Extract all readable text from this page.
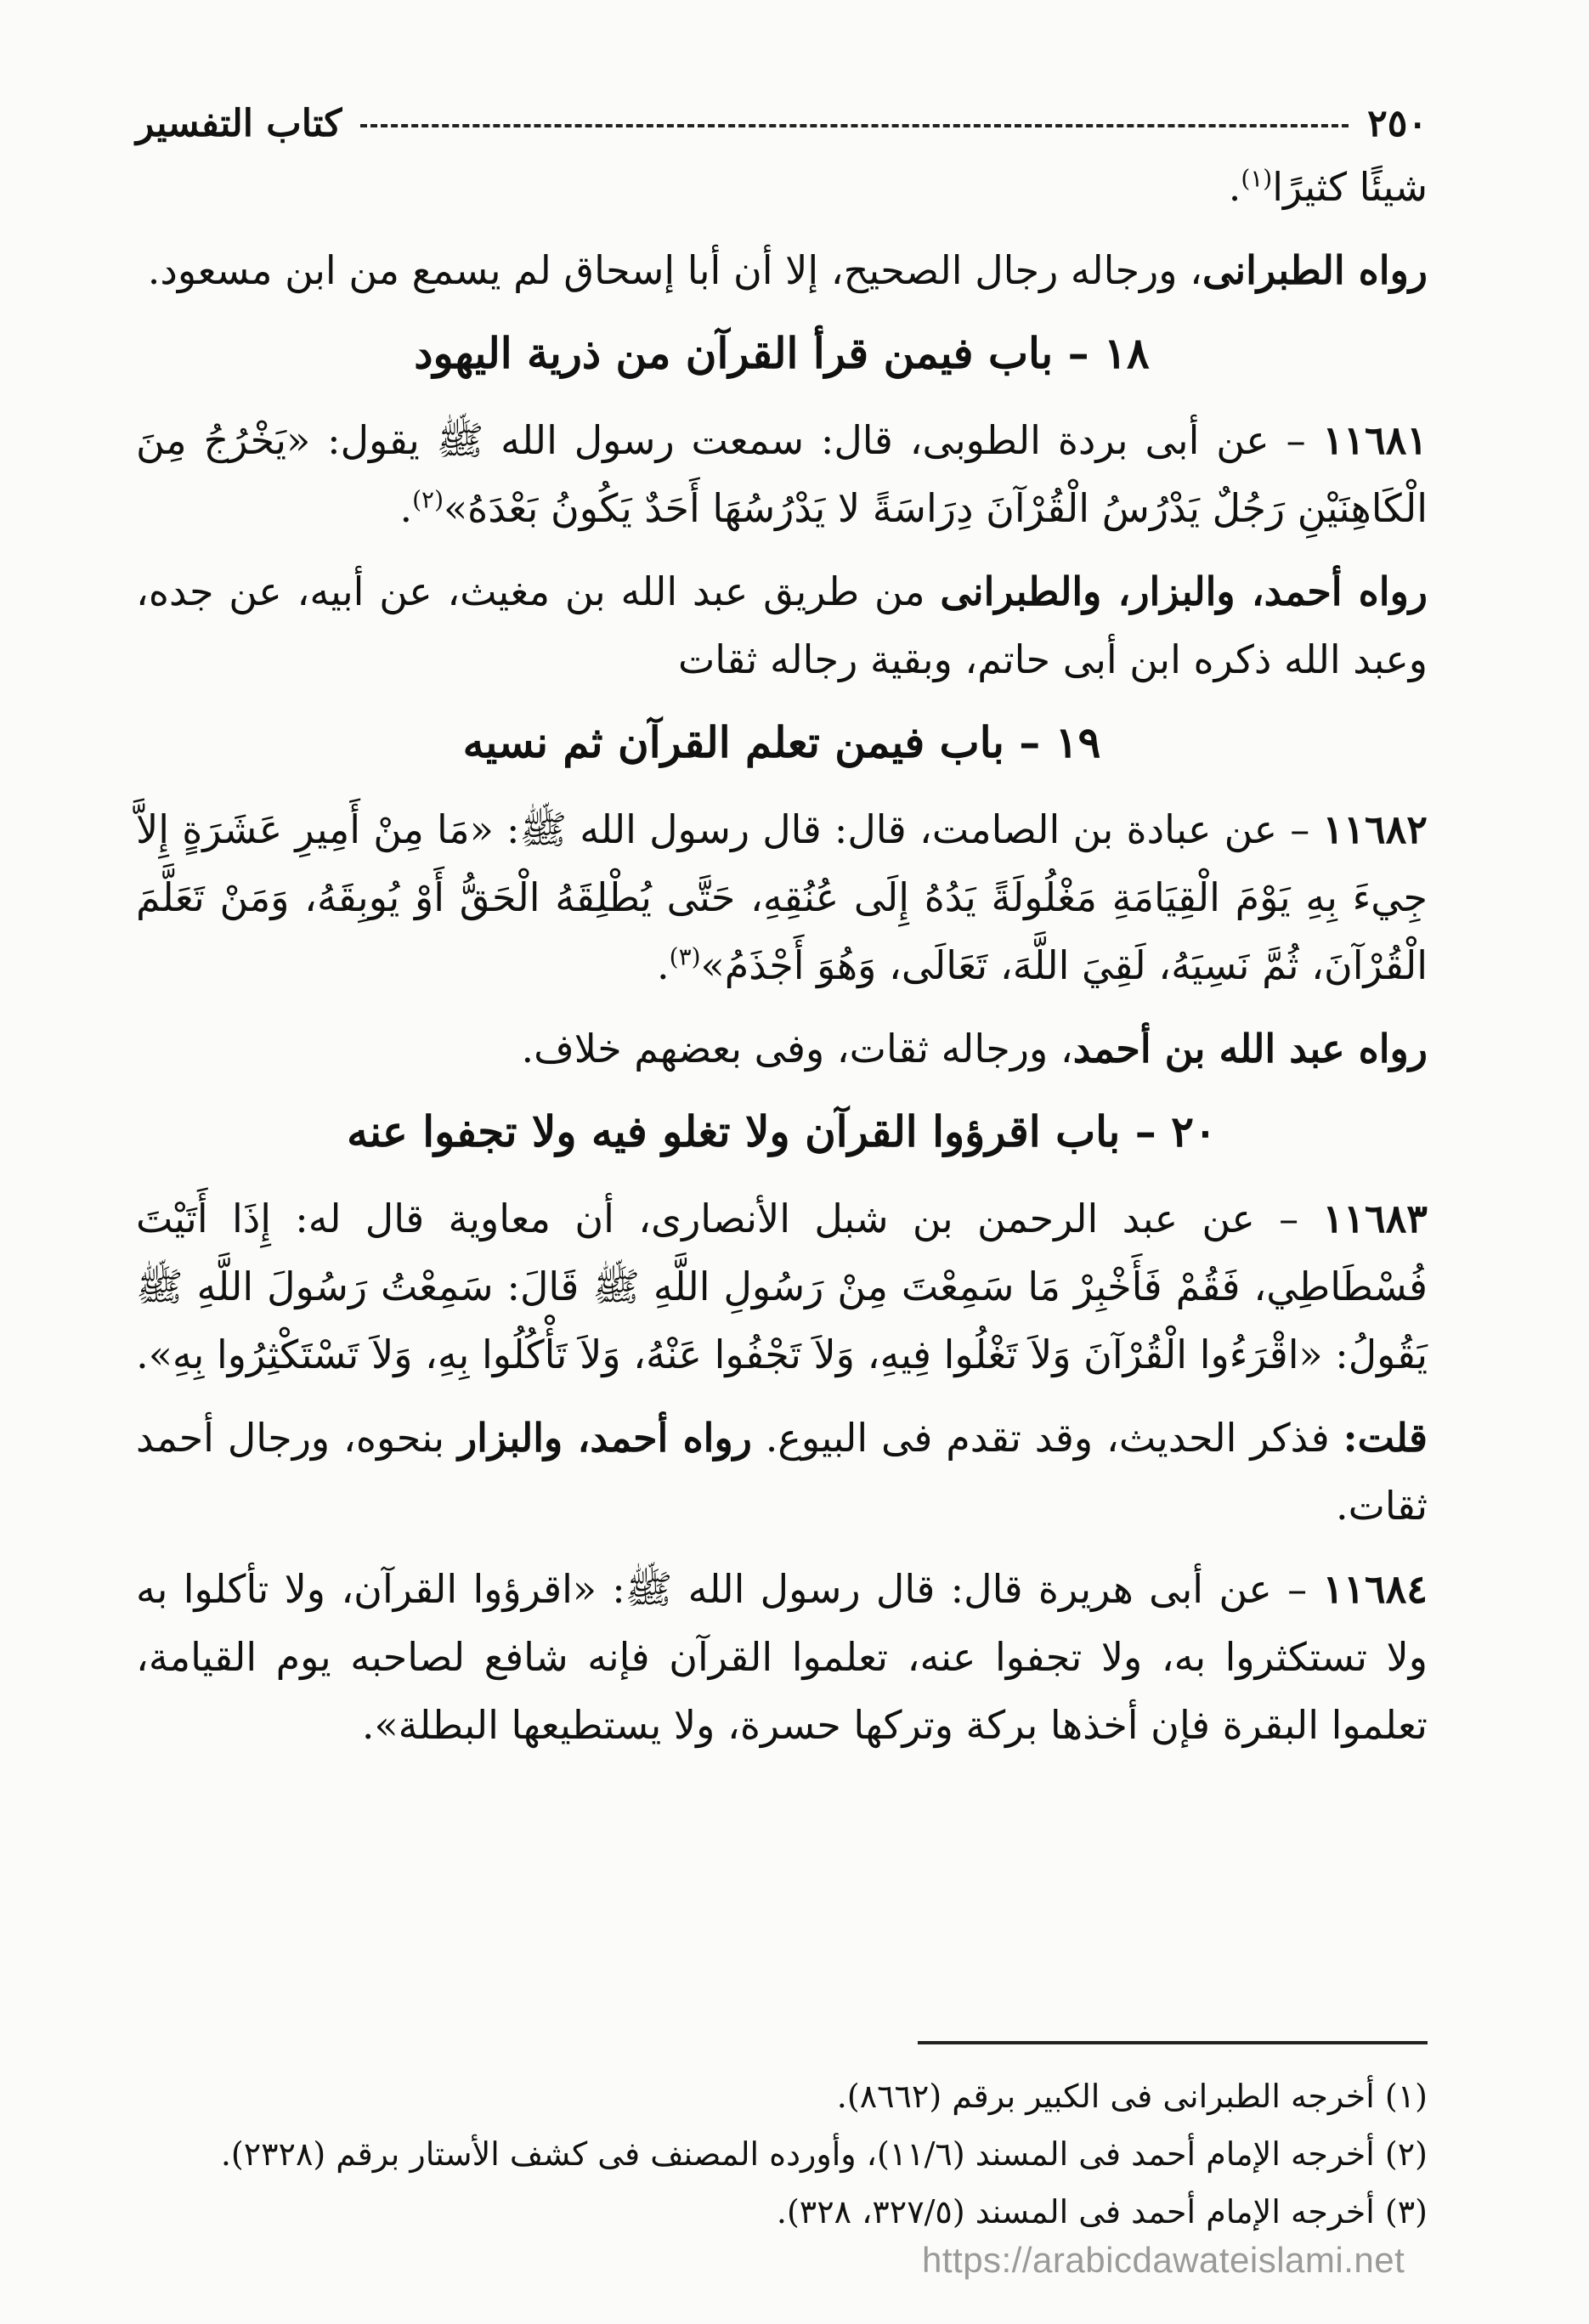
٢٥٠
كتاب التفسير

شيئًا كثيرًا$^{(١)}$.

رواه الطبرانى، ورجاله رجال الصحيح، إلا أن أبا إسحاق لم يسمع من ابن مسعود.

١٨ – باب فيمن قرأ القرآن من ذرية اليهود

١١٦٨١ – عن أبى بردة الطوبى، قال: سمعت رسول الله ﷺ يقول: «يَخْرُجُ مِنَ الْكَاهِنَيْنِ رَجُلٌ يَدْرُسُ الْقُرْآنَ دِرَاسَةً لا يَدْرُسُهَا أَحَدٌ يَكُونُ بَعْدَهُ»$^{(٢)}$.

رواه أحمد، والبزار، والطبرانى من طريق عبد الله بن مغيث، عن أبيه، عن جده، وعبد الله ذكره ابن أبى حاتم، وبقية رجاله ثقات

١٩ – باب فيمن تعلم القرآن ثم نسيه

١١٦٨٢ – عن عبادة بن الصامت، قال: قال رسول الله ﷺ: «مَا مِنْ أَمِيرِ عَشَرَةٍ إِلاَّ جِيءَ بِهِ يَوْمَ الْقِيَامَةِ مَغْلُولَةً يَدُهُ إِلَى عُنُقِهِ، حَتَّى يُطْلِقَهُ الْحَقُّ أَوْ يُوبِقَهُ، وَمَنْ تَعَلَّمَ الْقُرْآنَ، ثُمَّ نَسِيَهُ، لَقِيَ اللَّهَ، تَعَالَى، وَهُوَ أَجْذَمُ»$^{(٣)}$.

رواه عبد الله بن أحمد، ورجاله ثقات، وفى بعضهم خلاف.

٢٠ – باب اقرؤوا القرآن ولا تغلو فيه ولا تجفوا عنه

١١٦٨٣ – عن عبد الرحمن بن شبل الأنصارى، أن معاوية قال له: إِذَا أَتَيْتَ فُسْطَاطِي، فَقُمْ فَأَخْبِرْ مَا سَمِعْتَ مِنْ رَسُولِ اللَّهِ ﷺ قَالَ: سَمِعْتُ رَسُولَ اللَّهِ ﷺ يَقُولُ: «اقْرَءُوا الْقُرْآنَ وَلاَ تَغْلُوا فِيهِ، وَلاَ تَجْفُوا عَنْهُ، وَلاَ تَأْكُلُوا بِهِ، وَلاَ تَسْتَكْثِرُوا بِهِ».

قلت: فذكر الحديث، وقد تقدم فى البيوع. رواه أحمد، والبزار بنحوه، ورجال أحمد ثقات.

١١٦٨٤ – عن أبى هريرة قال: قال رسول الله ﷺ: «اقرؤوا القرآن، ولا تأكلوا به ولا تستكثروا به، ولا تجفوا عنه، تعلموا القرآن فإنه شافع لصاحبه يوم القيامة، تعلموا البقرة فإن أخذها بركة وتركها حسرة، ولا يستطيعها البطلة».

(١) أخرجه الطبرانى فى الكبير برقم (٨٦٦٢).
(٢) أخرجه الإمام أحمد فى المسند (١١/٦)، وأورده المصنف فى كشف الأستار برقم (٢٣٢٨).
(٣) أخرجه الإمام أحمد فى المسند (٣٢٧/٥، ٣٢٨).
https://arabicdawateislami.net
